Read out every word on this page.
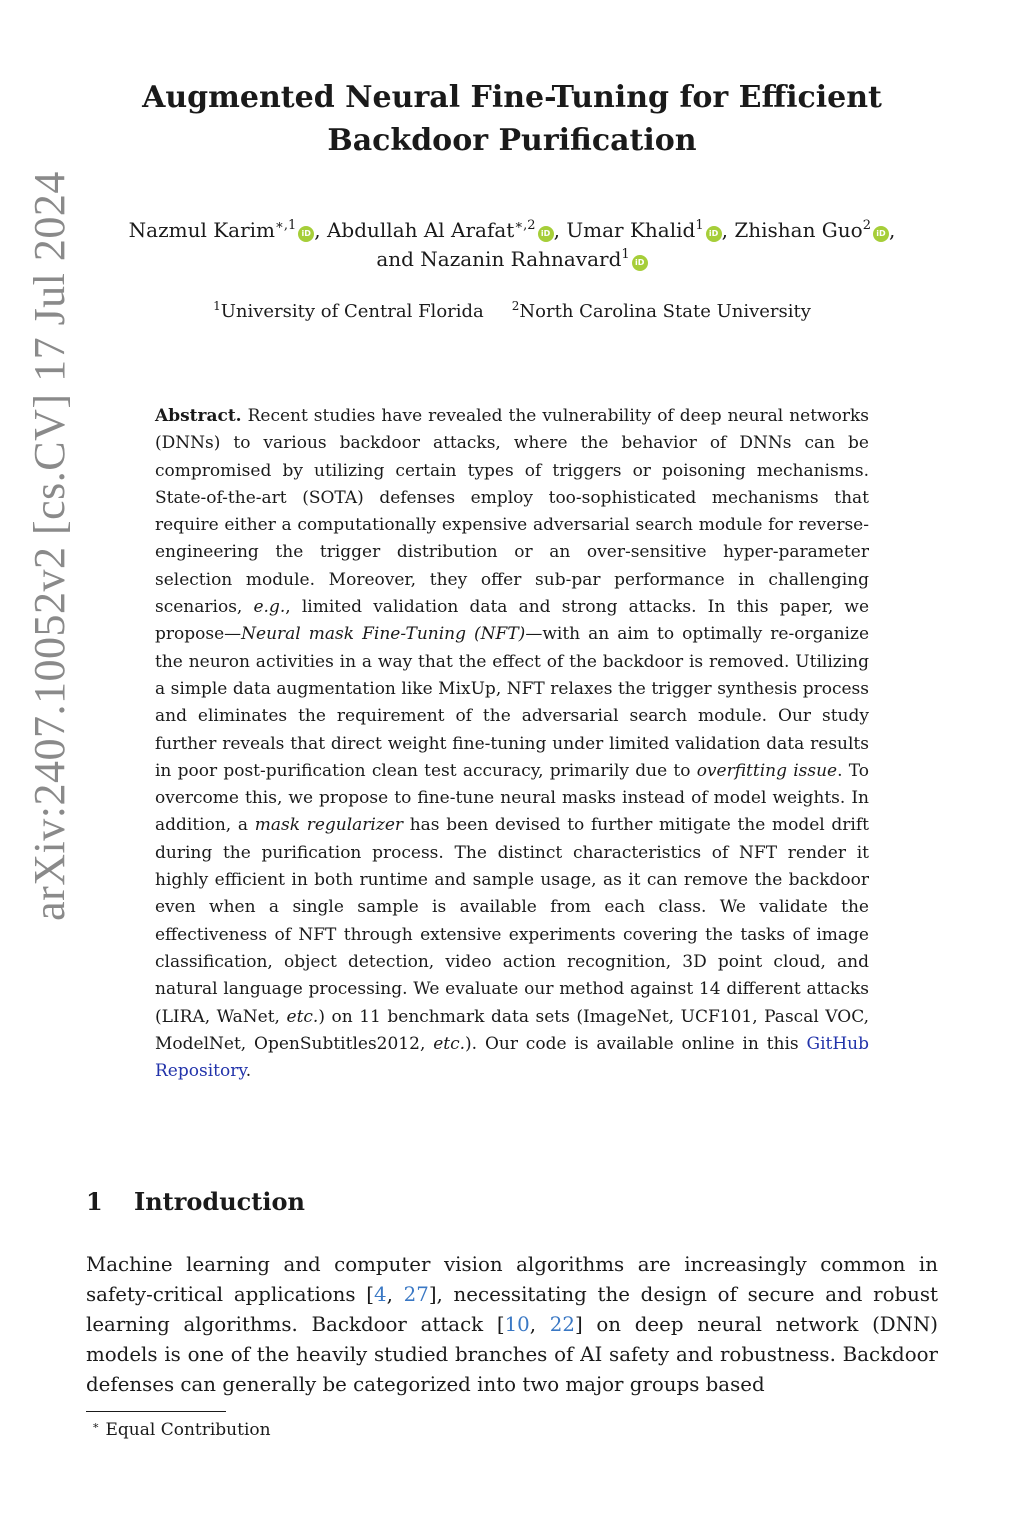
arXiv:2407.10052v2 [cs.CV] 17 Jul 2024
Augmented Neural Fine-Tuning for Efficient
Backdoor Purification
Nazmul Karim$^{∗,1}$iD , Abdullah Al Arafat$^{∗,2}$iD , Umar Khalid$^1$iD , Zhishan Guo$^2$iD ,
and Nazanin Rahnavard$^1$iD
$^1$University of Central Florida $^2$North Carolina State University
Abstract. Recent studies have revealed the vulnerability of deep neural networks (DNNs) to various backdoor attacks, where the behavior of DNNs can be compromised by utilizing certain types of triggers or poisoning mechanisms. State-of-the-art (SOTA) defenses employ too-sophisticated mechanisms that require either a computationally expensive adversarial search module for reverse-engineering the trigger distribution or an over-sensitive hyper-parameter selection module. Moreover, they offer sub-par performance in challenging scenarios, e.g., limited validation data and strong attacks. In this paper, we propose—Neural mask Fine-Tuning (NFT)—with an aim to optimally re-organize the neuron activities in a way that the effect of the backdoor is removed. Utilizing a simple data augmentation like MixUp, NFT relaxes the trigger synthesis process and eliminates the requirement of the adversarial search module. Our study further reveals that direct weight fine-tuning under limited validation data results in poor post-purification clean test accuracy, primarily due to overfitting issue. To overcome this, we propose to fine-tune neural masks instead of model weights. In addition, a mask regularizer has been devised to further mitigate the model drift during the purification process. The distinct characteristics of NFT render it highly efficient in both runtime and sample usage, as it can remove the backdoor even when a single sample is available from each class. We validate the effectiveness of NFT through extensive experiments covering the tasks of image classification, object detection, video action recognition, 3D point cloud, and natural language processing. We evaluate our method against 14 different attacks (LIRA, WaNet, etc.) on 11 benchmark data sets (ImageNet, UCF101, Pascal VOC, ModelNet, OpenSubtitles2012, etc.). Our code is available online in this GitHub Repository.
1 Introduction
Machine learning and computer vision algorithms are increasingly common in safety-critical applications [4, 27], necessitating the design of secure and robust learning algorithms. Backdoor attack [10, 22] on deep neural network (DNN) models is one of the heavily studied branches of AI safety and robustness. Backdoor defenses can generally be categorized into two major groups based
∗ Equal Contribution
